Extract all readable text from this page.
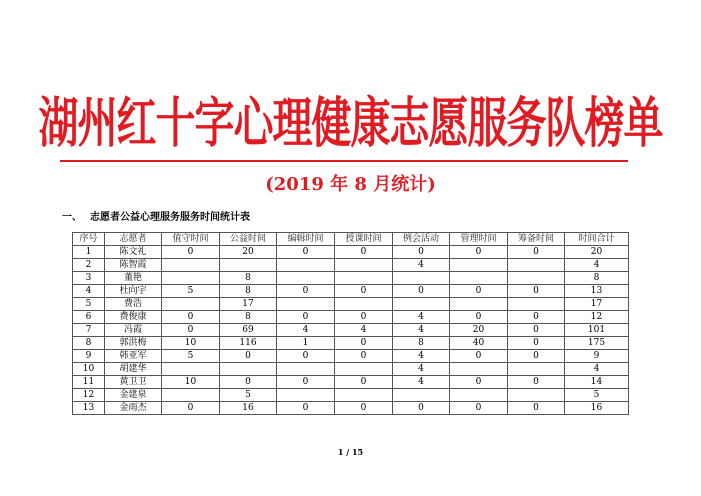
湖州红十字心理健康志愿服务队榜单
(2019 年 8 月统计)
一、 志愿者公益心理服务服务时间统计表
序号	志愿者	值守时间	公益时间	编辑时间	授课时间	例会活动	管理时间	筹备时间	时间合计
1	陈文礼	0	20	0	0	0	0	0	20
2	陈智霞					4			4
3	董艳		8						8
4	杜向宇	5	8	0	0	0	0	0	13
5	费浩		17						17
6	费俊康	0	8	0	0	4	0	0	12
7	冯霞	0	69	4	4	4	20	0	101
8	郭洪梅	10	116	1	0	8	40	0	175
9	韩亚军	5	0	0	0	4	0	0	9
10	胡建华					4			4
11	黄卫卫	10	0	0	0	4	0	0	14
12	金建泉		5						5
13	金雨杰	0	16	0	0	0	0	0	16
1 / 15
